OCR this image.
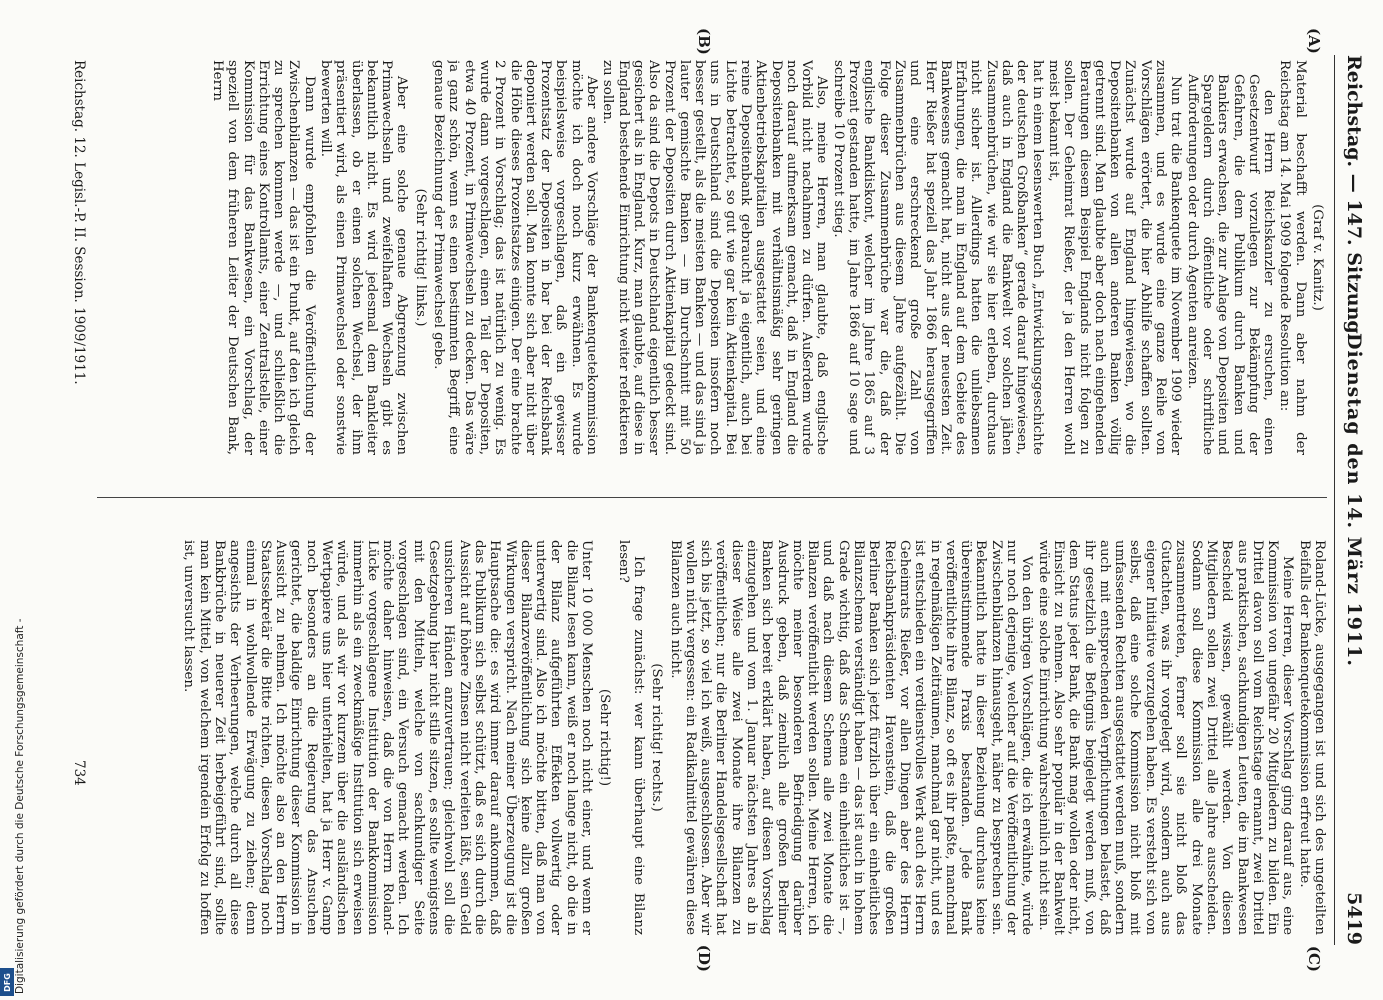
Reichstag. — 147. Sitzung.
Dienstag den 14. März 1911.
5419
(A)
(B)
(C)
(D)

(Graf v. Kanitz.)

Material beschafft werden. Dann aber nahm der Reichstag am 14. Mai 1909 folgende Resolution an:

den Herrn Reichskanzler zu ersuchen, einen Gesetzentwurf vorzulegen zur Bekämpfung der Gefahren, die dem Publikum durch Banken und Bankiers erwachsen, die zur Anlage von Depositen und Spargeldern durch öffentliche oder schriftliche Aufforderungen oder durch Agenten anreizen.

Nun trat die Bankenquete im November 1909 wieder zusammen, und es wurde eine ganze Reihe von Vorschlägen erörtert, die hier Abhilfe schaffen sollten. Zunächst wurde auf England hingewiesen, wo die Depositenbanken von allen anderen Banken völlig getrennt sind. Man glaubte aber doch nach eingehenden Beratungen diesem Beispiel Englands nicht folgen zu sollen. Der Geheimrat Rießer, der ja den Herren wohl meist bekannt ist,

hat in einem lesenswerten Buch „Entwicklungsgeschichte der deutschen Großbanken“ gerade darauf hingewiesen, daß auch in England die Bankwelt vor solchen jähen Zusammenbrüchen, wie wir sie hier erleben, durchaus nicht sicher ist. Allerdings hatten die unliebsamen Erfahrungen, die man in England auf dem Gebiete des Bankwesens gemacht hat, nicht aus der neuesten Zeit. Herr Rießer hat speziell das Jahr 1866 herausgegriffen und eine erschreckend große Zahl von Zusammenbrüchen aus diesem Jahre aufgezählt. Die Folge dieser Zusammenbrüche war die, daß der englische Bankdiskont, welcher im Jahre 1865 auf 3 Prozent gestanden hatte, im Jahre 1866 auf 10 sage und schreibe 10 Prozent stieg.

Also, meine Herren, man glaubte, daß englische Vorbild nicht nachahmen zu dürfen. Außerdem wurde noch darauf aufmerksam gemacht, daß in England die Depositenbanken mit verhältnismäßig sehr geringen Aktienbetriebskapitalien ausgestattet seien, und eine reine Depositenbank gebraucht ja eigentlich, auch bei Lichte betrachtet, so gut wie gar kein Aktienkapital. Bei uns in Deutschland sind die Depositen insofern noch besser gestellt, als die meisten Banken — und das sind ja lauter gemischte Banken — im Durchschnitt mit 50 Prozent der Depositen durch Aktienkapital gedeckt sind. Also da sind die Depots in Deutschland eigentlich besser gesichert als in England. Kurz, man glaubte, auf diese in England bestehende Einrichtung nicht weiter reflektieren zu sollen.

Aber andere Vorschläge der Bankenquetekommission möchte ich doch noch kurz erwähnen. Es wurde beispielsweise vorgeschlagen, daß ein gewisser Prozentsatz der Depositen in bar bei der Reichsbank deponiert werden soll. Man konnte sich aber nicht über die Höhe dieses Prozentsatzes einigen. Der eine brachte 2 Prozent in Vorschlag; das ist natürlich zu wenig. Es wurde dann vorgeschlagen, einen Teil der Depositen, etwa 40 Prozent, in Primawechseln zu decken. Das wäre ja ganz schön, wenn es einen bestimmten Begriff, eine genaue Bezeichnung der Primawechsel gebe.

(Sehr richtig! links.)

Aber eine solche genaue Abgrenzung zwischen Primawechseln und zweifelhaften Wechseln gibt es bekanntlich nicht. Es wird jedesmal dem Bankleiter überlassen, ob er einen solchen Wechsel, der ihm präsentiert wird, als einen Primawechsel oder sonstwie bewerten will.

Dann wurde empfohlen die Veröffentlichung der Zwischenbilanzen — das ist ein Punkt, auf den ich gleich zu sprechen kommen werde —, und schließlich die Errichtung eines Kontrollamts, einer Zentralstelle, einer Kommission für das Bankwesen, ein Vorschlag, der speziell von dem früheren Leiter der Deutschen Bank, Herrn

Roland-Lücke, ausgegangen ist und sich des ungeteilten Beifalls der Bankenquetekommission erfreut hatte.

Meine Herren, dieser Vorschlag ging darauf aus, eine Kommission von ungefähr 20 Mitgliedern zu bilden. Ein Drittel davon soll vom Reichstage ernannt, zwei Drittel aus praktischen, sachkundigen Leuten, die im Bankwesen Bescheid wissen, gewählt werden. Von diesen Mitgliedern sollen zwei Drittel alle Jahre ausscheiden. Sodann soll diese Kommission alle drei Monate zusammentreten, ferner soll sie nicht bloß das Gutachten, was ihr vorgelegt wird, sondern auch aus eigener Initiative vorzugehen haben. Es versteht sich von selbst, daß eine solche Kommission nicht bloß mit umfassenden Rechten ausgestattet werden muß, sondern auch mit entsprechenden Verpflichtungen belastet, daß ihr gesetzlich die Befugnis beigelegt werden muß, von dem Status jeder Bank, die Bank mag wollen oder nicht, Einsicht zu nehmen. Also sehr populär in der Bankwelt würde eine solche Einrichtung wahrscheinlich nicht sein.

Von den übrigen Vorschlägen, die ich erwähnte, würde nur noch derjenige, welcher auf die Veröffentlichung der Zwischenbilanzen hinausgeht, näher zu besprechen sein. Bekanntlich hatte in dieser Beziehung durchaus keine übereinstimmende Praxis bestanden. Jede Bank veröffentlichte ihre Bilanz, so oft es ihr paßte, manchmal in regelmäßigen Zeiträumen, manchmal gar nicht, und es ist entschieden ein verdienstvolles Werk auch des Herrn Geheimrats Rießer, vor allen Dingen aber des Herrn Reichsbankpräsidenten Havenstein, daß die großen Berliner Banken sich jetzt fürzlich über ein einheitliches Bilanzschema verständigt haben — das ist auch in hohem Grade wichtig, daß das Schema ein einheitliches ist —, und daß nach diesem Schema alle zwei Monate die Bilanzen veröffentlicht werden sollen. Meine Herren, ich möchte meiner besonderen Befriedigung darüber Ausdruck geben, daß ziemlich alle großen Berliner Banken sich bereit erklärt haben, auf diesen Vorschlag einzugehen und vom 1. Januar nächsten Jahres ab in dieser Weise alle zwei Monate ihre Bilanzen zu veröffentlichen; nur die Berliner Handelsgesellschaft hat sich bis jetzt, so viel ich weiß, ausgeschlossen. Aber wir wollen nicht vergessen: ein Radikalmittel gewähren diese Bilanzen auch nicht.

(Sehr richtig! rechts.)

Ich frage zunächst: wer kann überhaupt eine Bilanz lesen?

(Sehr richtig!)

Unter 10 000 Menschen noch nicht einer, und wenn er die Bilanz lesen kann, weiß er noch lange nicht, ob die in der Bilanz aufgeführten Effekten vollwertig oder unterwertig sind. Also ich möchte bitten, daß man von dieser Bilanzveröffentlichung sich keine allzu großen Wirkungen verspricht. Nach meiner Überzeugung ist die Hauptsache die: es wird immer darauf ankommen, daß das Publikum sich selbst schützt, daß es sich durch die Aussicht auf höhere Zinsen nicht verleiten läßt, sein Geld unsicheren Händen anzuvertrauen; gleichwohl soll die Gesetzgebung hier nicht stille sitzen, es sollte wenigstens mit den Mitteln, welche von sachkundiger Seite vorgeschlagen sind, ein Versuch gemacht werden. Ich möchte daher hinweisen, daß die von Herrn Roland-Lücke vorgeschlagene Institution der Bankkommission immerhin als ein zweckmäßige Institution sich erweisen würde, und als wir vor kurzem über die ausländischen Wertpapiere uns hier unterhielten, hat ja Herr v. Gamp noch besonders an die Regierung das Ansuchen gerichtet, die baldige Einrichtung dieser Kommission in Aussicht zu nehmen. Ich möchte also an den Herrn Staatssekretär die Bitte richten, diesen Vorschlag noch einmal in wohlwollende Erwägung zu ziehen; denn angesichts der Verheerungen, welche durch all diese Bankbrüche in neuerer Zeit herbeigeführt sind, sollte man kein Mittel, von welchem irgendein Erfolg zu hoffen ist, unversucht lassen.

Reichstag. 12. Legisl.-P. II. Session. 1909/1911.
734
Digitalisierung gefördert durch die Deutsche Forschungsgemeinschaft -
DFG
